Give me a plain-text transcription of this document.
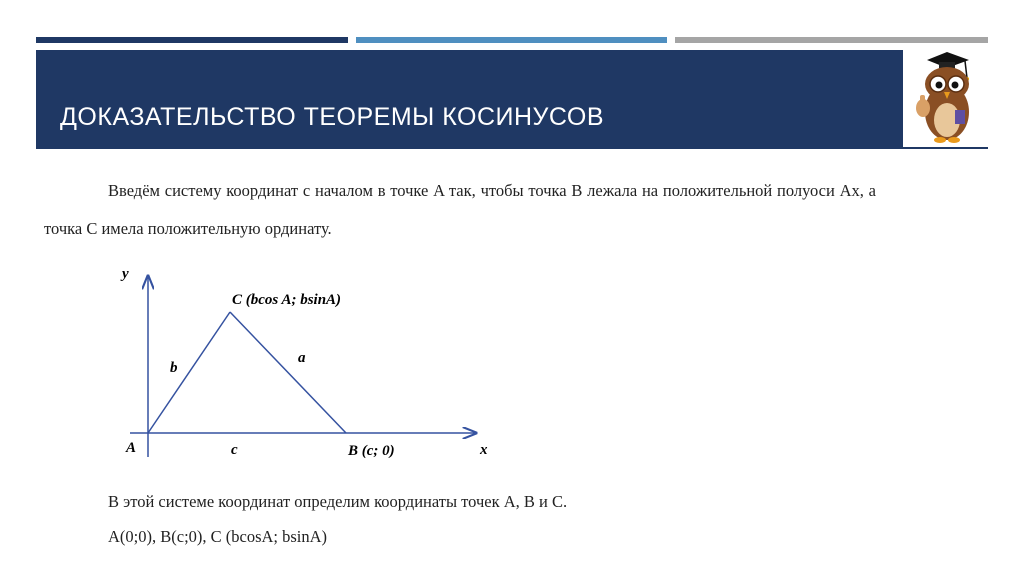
ДОКАЗАТЕЛЬСТВО ТЕОРЕМЫ КОСИНУСОВ
Введём систему координат с началом в точке A так, чтобы точка B лежала на положительной полуоси Ax, а точка C имела положительную ординату.
y
x
A	B (c; 0)
C (bcos A; bsinA)
b
a
c
В этой системе координат определим координаты точек A, B и C.
A(0;0), B(c;0), C (bcosA; bsinA)
